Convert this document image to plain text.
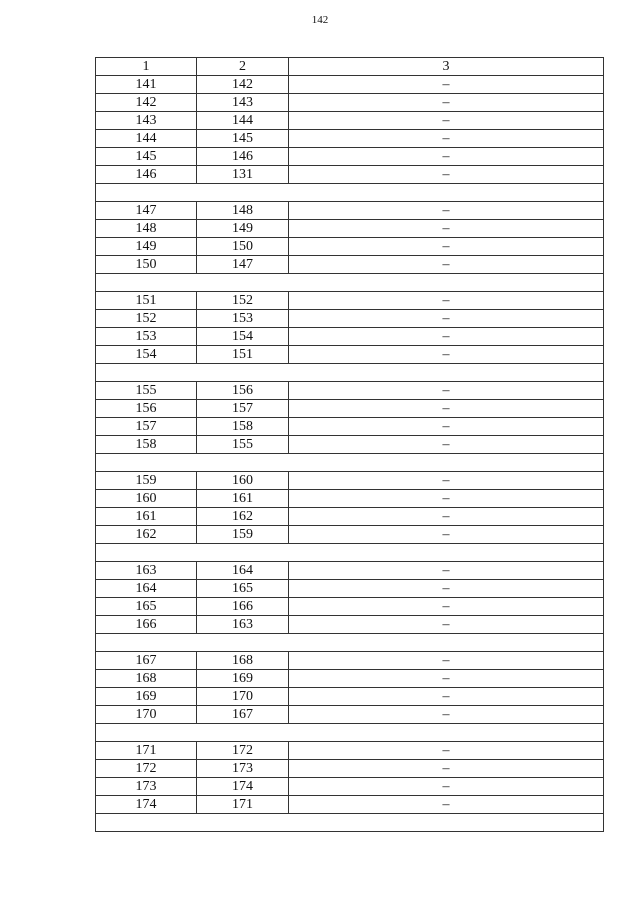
142
1	2	3
141	142	–
142	143	–
143	144	–
144	145	–
145	146	–
146	131	–

147	148	–
148	149	–
149	150	–
150	147	–

151	152	–
152	153	–
153	154	–
154	151	–

155	156	–
156	157	–
157	158	–
158	155	–

159	160	–
160	161	–
161	162	–
162	159	–

163	164	–
164	165	–
165	166	–
166	163	–

167	168	–
168	169	–
169	170	–
170	167	–

171	172	–
172	173	–
173	174	–
174	171	–
